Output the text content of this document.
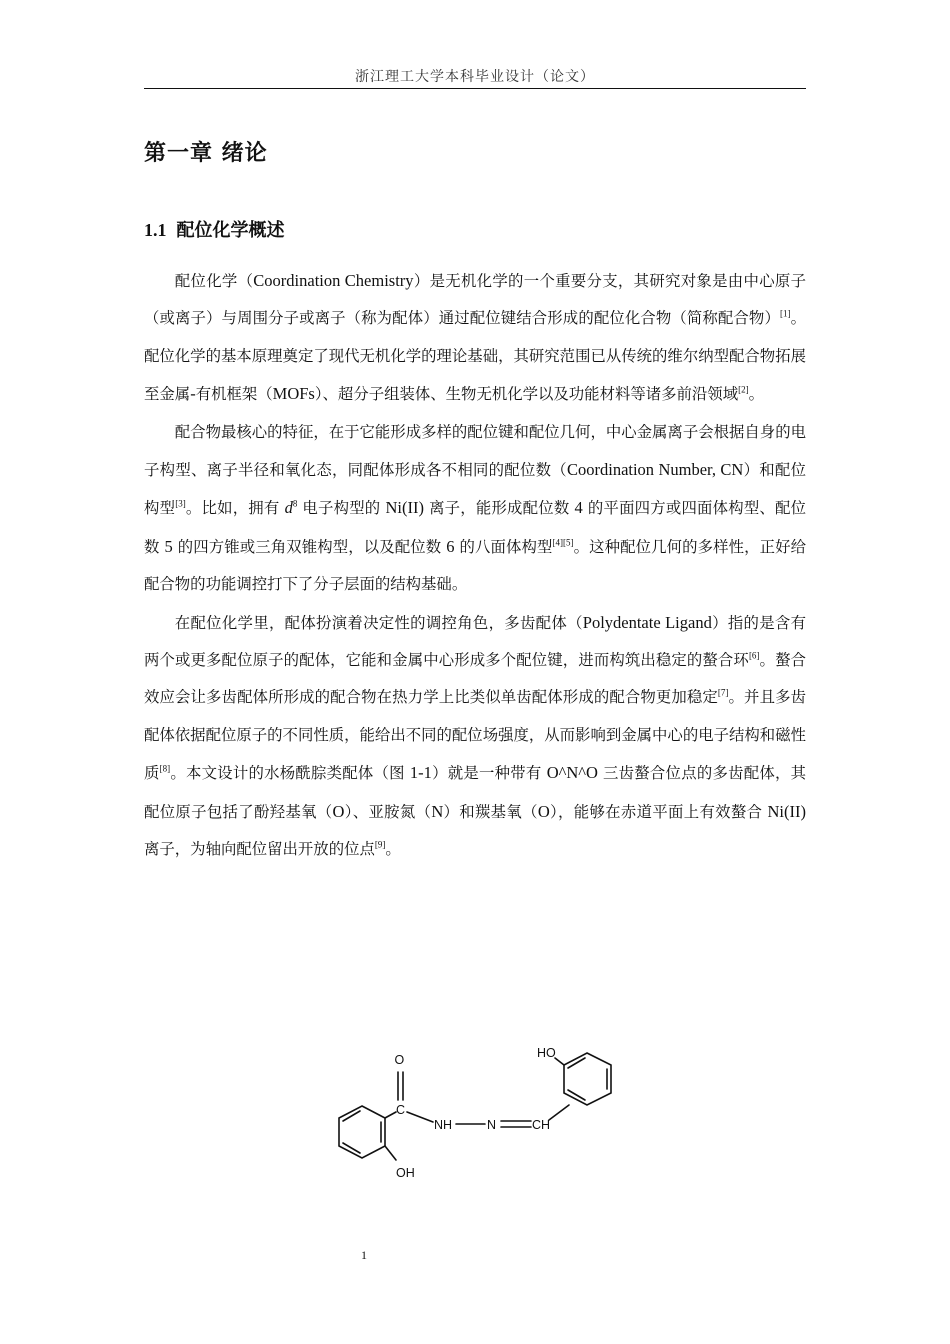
浙江理工大学本科毕业设计（论文）
第一章 绪论
1.1 配位化学概述

配位化学（Coordination Chemistry）是无机化学的一个重要分支，其研究对象是由中心原子（或离子）与周围分子或离子（称为配体）通过配位键结合形成的配位化合物（简称配合物）[1]。配位化学的基本原理奠定了现代无机化学的理论基础，其研究范围已从传统的维尔纳型配合物拓展至金属-有机框架（MOFs）、超分子组装体、生物无机化学以及功能材料等诸多前沿领域[2]。

配合物最核心的特征，在于它能形成多样的配位键和配位几何，中心金属离子会根据自身的电子构型、离子半径和氧化态，同配体形成各不相同的配位数（Coordination Number, CN）和配位构型[3]。比如，拥有 $d^8$ 电子构型的 Ni(II) 离子，能形成配位数 4 的平面四方或四面体构型、配位数 5 的四方锥或三角双锥构型，以及配位数 6 的八面体构型[4][5]。这种配位几何的多样性，正好给配合物的功能调控打下了分子层面的结构基础。

在配位化学里，配体扮演着决定性的调控角色，多齿配体（Polydentate Ligand）指的是含有两个或更多配位原子的配体，它能和金属中心形成多个配位键，进而构筑出稳定的螯合环[6]。螯合效应会让多齿配体所形成的配合物在热力学上比类似单齿配体形成的配合物更加稳定[7]。并且多齿配体依据配位原子的不同性质，能给出不同的配位场强度，从而影响到金属中心的电子结构和磁性质[8]。本文设计的水杨酰腙类配体（图 1-1）就是一种带有 O^N^O 三齿螯合位点的多齿配体，其配位原子包括了酚羟基氧（O）、亚胺氮（N）和羰基氧（O），能够在赤道平面上有效螯合 Ni(II)离子，为轴向配位留出开放的位点[9]。

O
C
NH	N	CH
HO
OH
1
